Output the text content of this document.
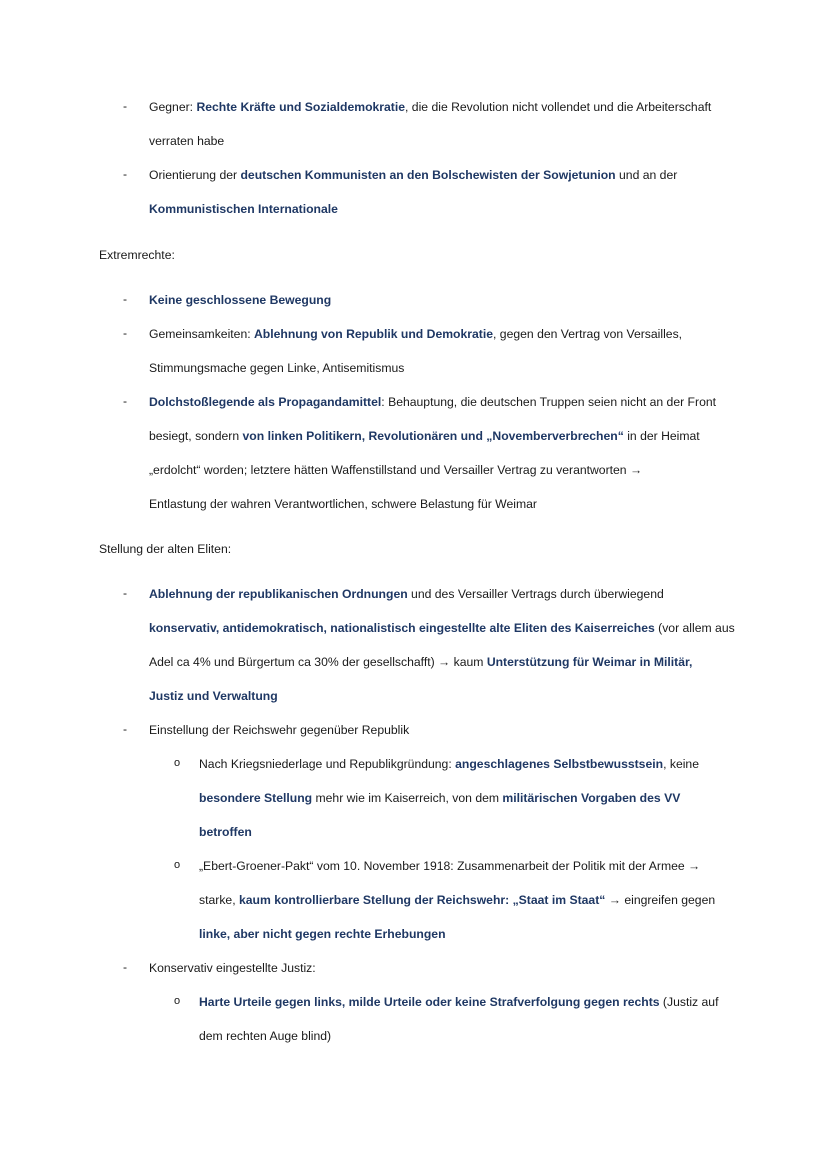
-	Gegner: Rechte Kräfte und Sozialdemokratie, die die Revolution nicht vollendet und die Arbeiterschaft
verraten habe
-	Orientierung der deutschen Kommunisten an den Bolschewisten der Sowjetunion und an der
Kommunistischen Internationale
Extremrechte:
-	Keine geschlossene Bewegung
-	Gemeinsamkeiten: Ablehnung von Republik und Demokratie, gegen den Vertrag von Versailles,
Stimmungsmache gegen Linke, Antisemitismus
-	Dolchstoßlegende als Propagandamittel: Behauptung, die deutschen Truppen seien nicht an der Front
besiegt, sondern von linken Politikern, Revolutionären und „Novemberverbrechen“ in der Heimat
„erdolcht“ worden; letztere hätten Waffenstillstand und Versailler Vertrag zu verantworten →
Entlastung der wahren Verantwortlichen, schwere Belastung für Weimar
Stellung der alten Eliten:
-	Ablehnung der republikanischen Ordnungen und des Versailler Vertrags durch überwiegend
konservativ, antidemokratisch, nationalistisch eingestellte alte Eliten des Kaiserreiches (vor allem aus
Adel ca 4% und Bürgertum ca 30% der gesellschafft) → kaum Unterstützung für Weimar in Militär,
Justiz und Verwaltung
-	Einstellung der Reichswehr gegenüber Republik
o Nach Kriegsniederlage und Republikgründung: angeschlagenes Selbstbewusstsein, keine
besondere Stellung mehr wie im Kaiserreich, von dem militärischen Vorgaben des VV
betroffen
o „Ebert-Groener-Pakt“ vom 10. November 1918: Zusammenarbeit der Politik mit der Armee →
starke, kaum kontrollierbare Stellung der Reichswehr: „Staat im Staat“ → eingreifen gegen
linke, aber nicht gegen rechte Erhebungen
-	Konservativ eingestellte Justiz:
o Harte Urteile gegen links, milde Urteile oder keine Strafverfolgung gegen rechts (Justiz auf
dem rechten Auge blind)
